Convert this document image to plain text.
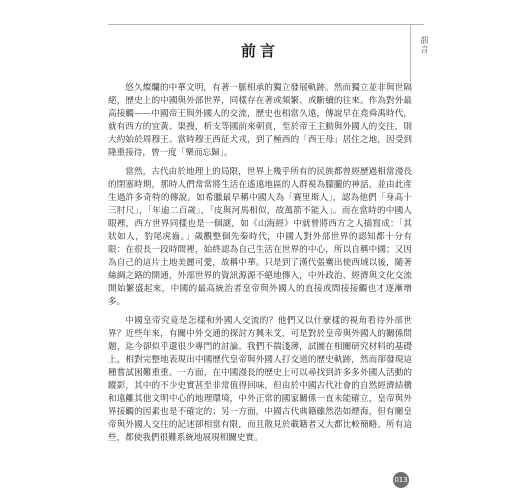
前言
前言

悠久燦爛的中華文明，有著一脈相承的獨立發展軌跡。然而獨立並非與世隔絕，歷史上的中國與外部世界，同樣存在著或頻繁、或斷續的往來。作為對外最高接觸——中國帝王與外國人的交流，歷史也相當久遠，傳說早在堯舜禹時代，就有西方的宜黃、渠搜，析支等國前來朝貢，至於帝王主動與外國人的交往，則大約始於周穆王。當時穆王西征犬戎，到了極西的「西王母」居住之地，因受到隆重接待，曾一度「樂而忘歸」。

當然，古代由於地理上的局限，世界上幾乎所有的民族都曾經歷過相當漫長的閉塞時期，那時人們常常將生活在遙遠地區的人群視為朦朧的神話，並由此產生過許多奇特的傳說。如希臘最早稱中國人為「賽里斯人」，認為他們「身高十三肘尺」，「年逾二百歲」，「皮與河馬相似，故萬箭不能入」。而在當時的中國人眼裡，西方世界同樣也是一個謎，如《山海經》中就曾將西方之人描寫成：「其狀如人，豹尾虎齒。」歲觀整個先秦時代，中國人對外部世界的認知都十分有限：在很長一段時間裡，始終認為自己生活在世界的中心，所以自稱中國；又因為自己的這片土地美麗可愛，故稱中華。只是到了漢代張騫出使西域以後，隨著絲綢之路的開通，外部世界的資訊源源不絕地傳入，中外政治、經濟與文化交流開始繁盛起來，中國的最高統治者皇帝與外國人的直接或間接接觸也才逐漸增多。

中國皇帝究竟是怎樣和外國人交流的？他們又以什麼樣的視角看待外部世界？近些年來，有關中外交通的探討方興未艾，可是對於皇帝與外國人的關係問題，迄今卻似乎還很少專門的討論。我們不揣淺薄，試圖在相關研究材料的基礎上，相對完整地表現出中國歷代皇帝與外國人打交道的歷史軌跡，然而卻發現這種嘗試困難重重。一方面，在中國漫長的歷史上可以尋找到許多多外國人活動的蹤影，其中的不少史實甚至非常值得回味，但由於中國古代社會的自然經濟結構和遠離其他文明中心的地理環境，中外正常的國家關係一直未能確立，皇帝與外界接觸的因素也是不確定的；另一方面，中國古代典籍雖然浩如煙海，但有關皇帝與外國人交往的記述卻相當有限，而且散見於載籍者又大都比較簡略。所有這些，都使我們很難系統地展現相關史實。

013
